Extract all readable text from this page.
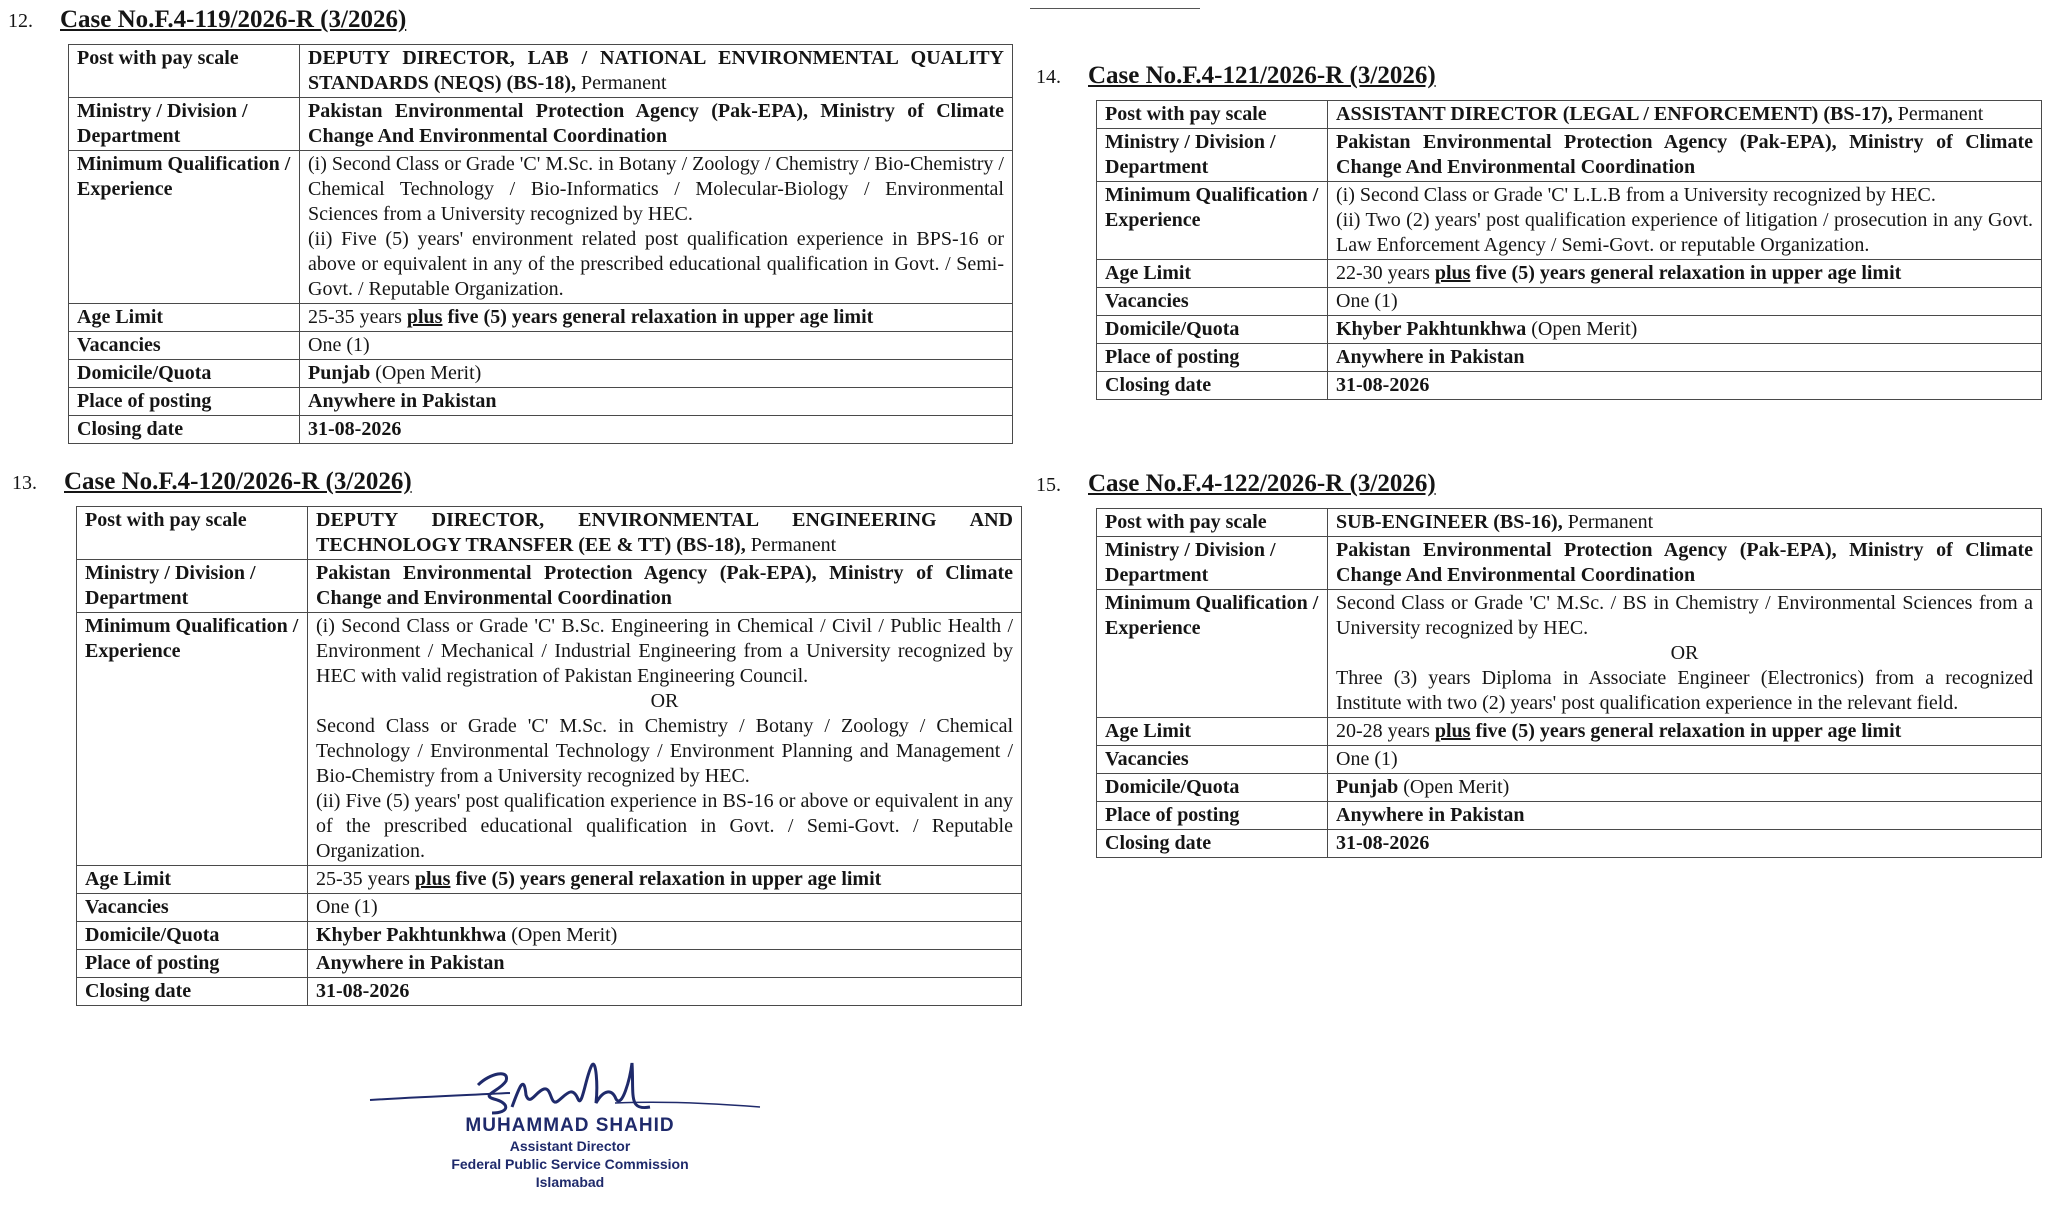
12.	Case No.F.4-119/2026-R (3/2026)
Post with pay scale	DEPUTY DIRECTOR, LAB / NATIONAL ENVIRONMENTAL QUALITY STANDARDS (NEQS) (BS-18), Permanent
Ministry / Division / Department	Pakistan Environmental Protection Agency (Pak-EPA), Ministry of Climate Change And Environmental Coordination
Minimum Qualification / Experience	(i) Second Class or Grade 'C' M.Sc. in Botany / Zoology / Chemistry / Bio-Chemistry / Chemical Technology / Bio-Informatics / Molecular-Biology / Environmental Sciences from a University recognized by HEC.
(ii) Five (5) years' environment related post qualification experience in BPS-16 or above or equivalent in any of the prescribed educational qualification in Govt. / Semi-Govt. / Reputable Organization.

Age Limit	25-35 years plus five (5) years general relaxation in upper age limit
Vacancies	One (1)
Domicile/Quota	Punjab (Open Merit)
Place of posting	Anywhere in Pakistan
Closing date	31-08-2026
13.	Case No.F.4-120/2026-R (3/2026)
Post with pay scale	DEPUTY DIRECTOR, ENVIRONMENTAL ENGINEERING AND TECHNOLOGY TRANSFER (EE & TT) (BS-18), Permanent
Ministry / Division / Department	Pakistan Environmental Protection Agency (Pak-EPA), Ministry of Climate Change and Environmental Coordination
Minimum Qualification / Experience	(i) Second Class or Grade 'C' B.Sc. Engineering in Chemical / Civil / Public Health / Environment / Mechanical / Industrial Engineering from a University recognized by HEC with valid registration of Pakistan Engineering Council.
OR
Second Class or Grade 'C' M.Sc. in Chemistry / Botany / Zoology / Chemical Technology / Environmental Technology / Environment Planning and Management / Bio-Chemistry from a University recognized by HEC.
(ii) Five (5) years' post qualification experience in BS-16 or above or equivalent in any of the prescribed educational qualification in Govt. / Semi-Govt. / Reputable Organization.

Age Limit	25-35 years plus five (5) years general relaxation in upper age limit
Vacancies	One (1)
Domicile/Quota	Khyber Pakhtunkhwa (Open Merit)
Place of posting	Anywhere in Pakistan
Closing date	31-08-2026
14.	Case No.F.4-121/2026-R (3/2026)
Post with pay scale	ASSISTANT DIRECTOR (LEGAL / ENFORCEMENT) (BS-17), Permanent
Ministry / Division / Department	Pakistan Environmental Protection Agency (Pak-EPA), Ministry of Climate Change And Environmental Coordination
Minimum Qualification / Experience	(i) Second Class or Grade 'C' L.L.B from a University recognized by HEC.
(ii) Two (2) years' post qualification experience of litigation / prosecution in any Govt. Law Enforcement Agency / Semi-Govt. or reputable Organization.

Age Limit	22-30 years plus five (5) years general relaxation in upper age limit
Vacancies	One (1)
Domicile/Quota	Khyber Pakhtunkhwa (Open Merit)
Place of posting	Anywhere in Pakistan
Closing date	31-08-2026
15.	Case No.F.4-122/2026-R (3/2026)
Post with pay scale	SUB-ENGINEER (BS-16), Permanent
Ministry / Division / Department	Pakistan Environmental Protection Agency (Pak-EPA), Ministry of Climate Change And Environmental Coordination
Minimum Qualification / Experience	Second Class or Grade 'C' M.Sc. / BS in Chemistry / Environmental Sciences from a University recognized by HEC.
OR
Three (3) years Diploma in Associate Engineer (Electronics) from a recognized Institute with two (2) years' post qualification experience in the relevant field.

Age Limit	20-28 years plus five (5) years general relaxation in upper age limit
Vacancies	One (1)
Domicile/Quota	Punjab (Open Merit)
Place of posting	Anywhere in Pakistan
Closing date	31-08-2026
MUHAMMAD SHAHID
Assistant Director
Federal Public Service Commission
Islamabad
